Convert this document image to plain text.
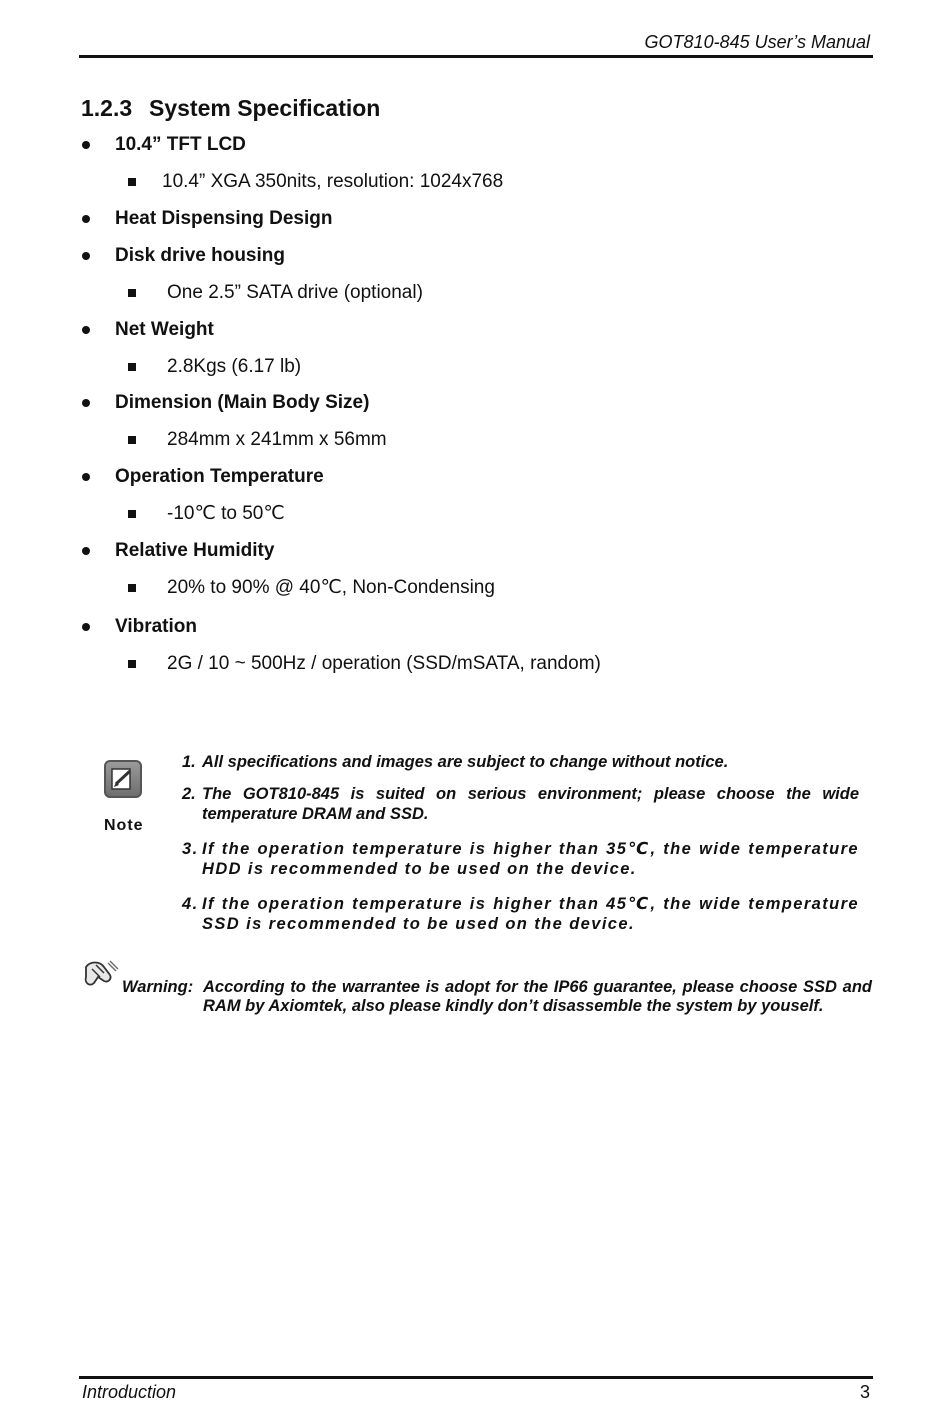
GOT810-845 User’s Manual
1.2.3 System Specification
10.4” TFT LCD
10.4” XGA 350nits, resolution: 1024x768
Heat Dispensing Design
Disk drive housing
One 2.5” SATA drive (optional)
Net Weight
2.8Kgs (6.17 lb)
Dimension (Main Body Size)
284mm x 241mm x 56mm
Operation Temperature
-10℃ to 50℃
Relative Humidity
20% to 90% @ 40℃, Non-Condensing
Vibration
2G / 10 ~ 500Hz / operation (SSD/mSATA, random)
Note
1. All specifications and images are subject to change without notice.
2. The GOT810-845 is suited on serious environment; please choose the wide temperature DRAM and SSD.
3. If the operation temperature is higher than 35℃, the wide temperature HDD is recommended to be used on the device.
4. If the operation temperature is higher than 45℃, the wide temperature SSD is recommended to be used on the device.
Warning: According to the warrantee is adopt for the IP66 guarantee, please choose SSD and RAM by Axiomtek, also please kindly don’t disassemble the system by youself.
Introduction	3
